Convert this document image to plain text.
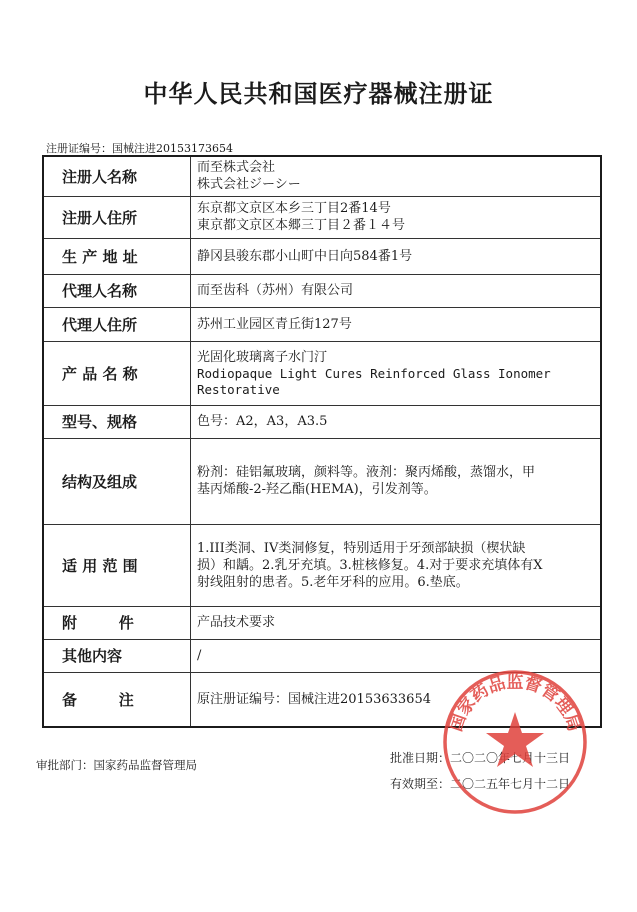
中华人民共和国医疗器械注册证
注册证编号：国械注进20153173654
注册人名称	而至株式会社
株式会社ジーシー

注册人住所	东京都文京区本乡三丁目2番14号
東京都文京区本郷三丁目２番１４号

生 产 地 址	静冈县骏东郡小山町中日向584番1号

代理人名称	而至齿科（苏州）有限公司

代理人住所	苏州工业园区青丘街127号

产 品 名 称	光固化玻璃离子水门汀
Rodiopaque Light Cures Reinforced Glass Ionomer
Restorative

型号、规格	色号：A2，A3，A3.5

结构及组成	粉剂：硅铝氟玻璃，颜料等。液剂：聚丙烯酸，蒸馏水，甲
基丙烯酸-2-羟乙酯(HEMA)，引发剂等。

适 用 范 围	1.III类洞、IV类洞修复，特别适用于牙颈部缺损（楔状缺
损）和龋。2.乳牙充填。3.桩核修复。4.对于要求充填体有X
射线阻射的患者。5.老年牙科的应用。6.垫底。

附        件	产品技术要求

其他内容	/

备        注	原注册证编号：国械注进20153633654
审批部门：国家药品监督管理局	批准日期：二〇二〇年七月十三日
有效期至：二〇二五年七月十二日
国家药品监督管理局
